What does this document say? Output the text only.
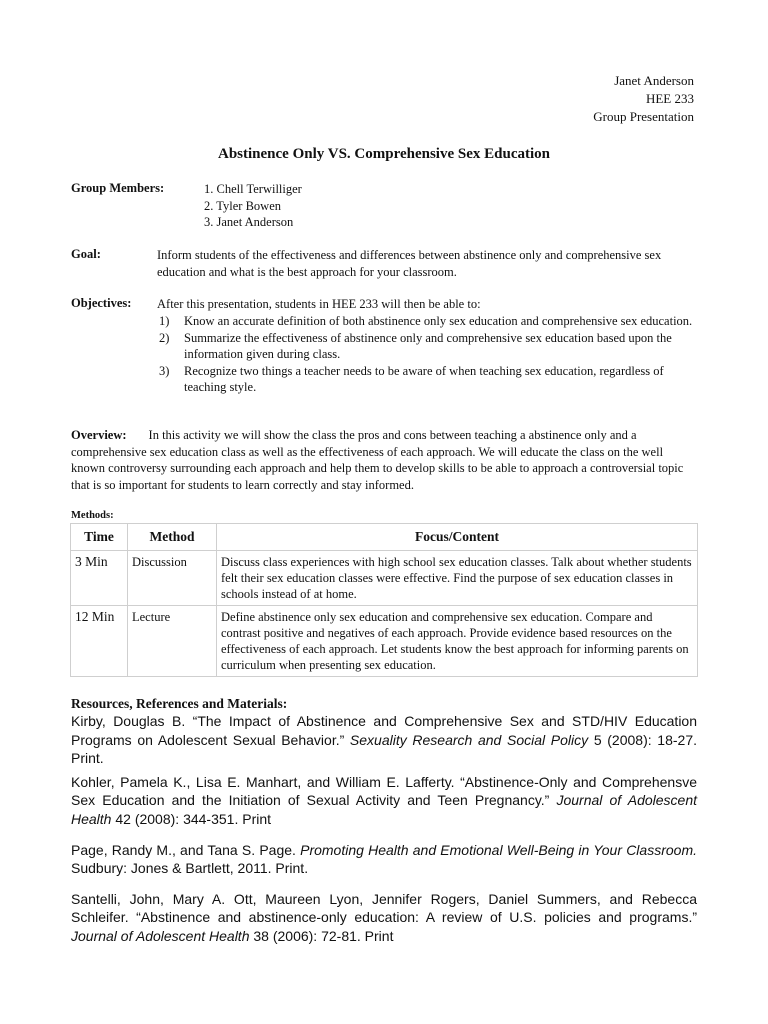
Janet Anderson
HEE 233
Group Presentation
Abstinence Only VS. Comprehensive Sex Education
Group Members:	1. Chell Terwilliger
2. Tyler Bowen
3. Janet Anderson
Goal:	Inform students of the effectiveness and differences between abstinence only and comprehensive sex education and what is the best approach for your classroom.
Objectives: After this presentation, students in HEE 233 will then be able to:
1)	Know an accurate definition of both abstinence only sex education and comprehensive sex education.
2)	Summarize the effectiveness of abstinence only and comprehensive sex education based upon the information given during class.
3)	Recognize two things a teacher needs to be aware of when teaching sex education, regardless of teaching style.
Overview: In this activity we will show the class the pros and cons between teaching a abstinence only and a comprehensive sex education class as well as the effectiveness of each approach. We will educate the class on the well known controversy surrounding each approach and help them to develop skills to be able to approach a controversial topic that is so important for students to learn correctly and stay informed.
Methods:
Time	Method	Focus/Content
3 Min	Discussion	Discuss class experiences with high school sex education classes. Talk about whether students felt their sex education classes were effective. Find the purpose of sex education classes in schools instead of at home.
12 Min	Lecture	Define abstinence only sex education and comprehensive sex education. Compare and contrast positive and negatives of each approach. Provide evidence based resources on the effectiveness of each approach. Let students know the best approach for informing parents on curriculum when presenting sex education.
Resources, References and Materials:
Kirby, Douglas B. “The Impact of Abstinence and Comprehensive Sex and STD/HIV Education Programs on Adolescent Sexual Behavior.” Sexuality Research and Social Policy 5 (2008): 18-27. Print.
Kohler, Pamela K., Lisa E. Manhart, and William E. Lafferty. “Abstinence-Only and Comprehensve Sex Education and the Initiation of Sexual Activity and Teen Pregnancy.” Journal of Adolescent Health 42 (2008): 344-351. Print
Page, Randy M., and Tana S. Page. Promoting Health and Emotional Well-Being in Your Classroom. Sudbury: Jones & Bartlett, 2011. Print.
Santelli, John, Mary A. Ott, Maureen Lyon, Jennifer Rogers, Daniel Summers, and Rebecca Schleifer. “Abstinence and abstinence-only education: A review of U.S. policies and programs.” Journal of Adolescent Health 38 (2006): 72-81. Print
